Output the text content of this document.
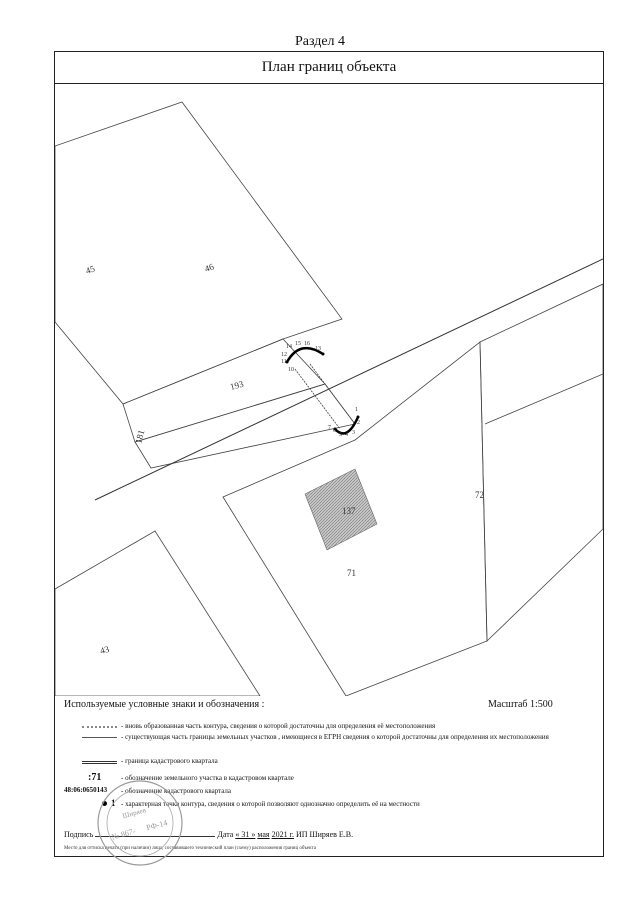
Раздел 4
План границ объекта
14 15 16
13
12
11
10
1
2
3
4
5
6
7
45	46
193
181
72
71
43
137
Используемые условные знаки и обозначения :	Масштаб 1:500
- вновь образованная часть контура, сведения о которой достаточны для определения её местоположения
- существующая часть границы земельных участков , имеющиеся в ЕГРН сведения о которой достаточны для определения их местоположения
- граница кадастрового квартала
:71	- обозначение земельного участка в кадастровом квартале
48:06:0650143 - обозначение кадастрового квартала
1 - характерная точка контура, сведения о которой позволяют однозначно определить её на местности
Подпись	Дата « 31 » мая 2021 г. ИП Ширяев Е.В.
Место для оттиска печати (при наличии) лица, составившего технический план (схему) расположения границ объекта
Ширяев
№ 867-
РФ-14
